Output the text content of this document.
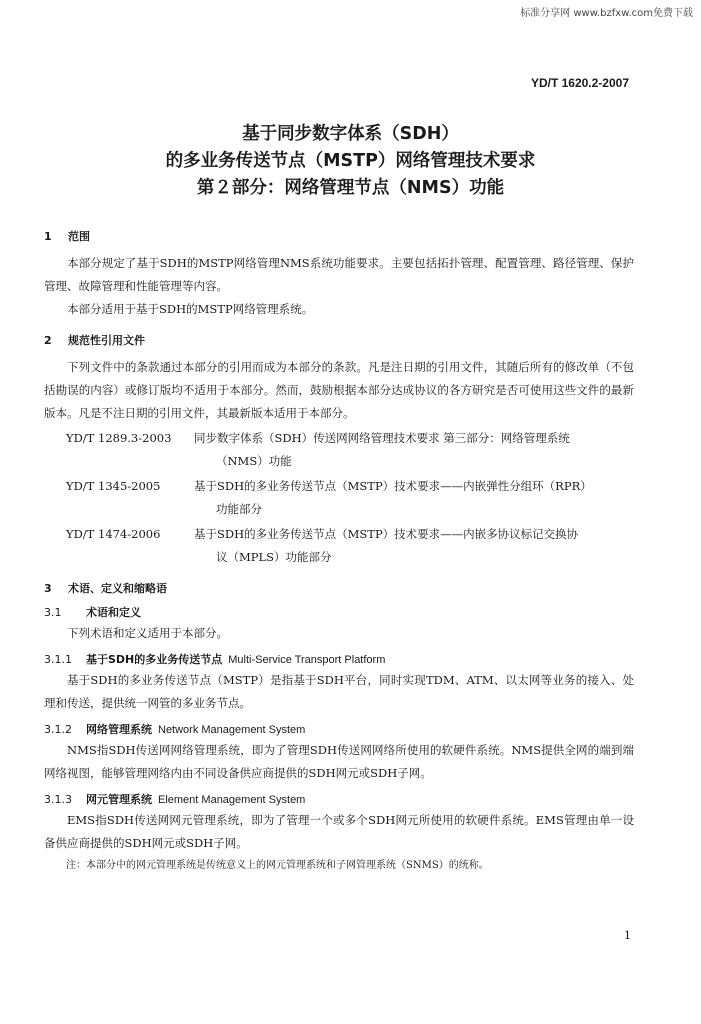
标准分享网 www.bzfxw.com免费下载
YD/T 1620.2-2007
基于同步数字体系（SDH）
的多业务传送节点（MSTP）网络管理技术要求
第２部分：网络管理节点（NMS）功能
1 范围

本部分规定了基于SDH的MSTP网络管理NMS系统功能要求。主要包括拓扑管理、配置管理、路径管理、保护管理、故障管理和性能管理等内容。

本部分适用于基于SDH的MSTP网络管理系统。

2 规范性引用文件

下列文件中的条款通过本部分的引用而成为本部分的条款。凡是注日期的引用文件，其随后所有的修改单（不包括勘误的内容）或修订版均不适用于本部分。然而，鼓励根据本部分达成协议的各方研究是否可使用这些文件的最新版本。凡是不注日期的引用文件，其最新版本适用于本部分。

YD/T 1289.3-2003	同步数字体系（SDH）传送网网络管理技术要求 第三部分：网络管理系统
（NMS）功能
YD/T 1345-2005	基于SDH的多业务传送节点（MSTP）技术要求——内嵌弹性分组环（RPR）
功能部分
YD/T 1474-2006	基于SDH的多业务传送节点（MSTP）技术要求——内嵌多协议标记交换协
议（MPLS）功能部分
3 术语、定义和缩略语
3.1 术语和定义

下列术语和定义适用于本部分。

3.1.1 基于SDH的多业务传送节点 Multi-Service Transport Platform

基于SDH的多业务传送节点（MSTP）是指基于SDH平台，同时实现TDM、ATM、以太网等业务的接入、处理和传送，提供统一网管的多业务节点。

3.1.2 网络管理系统 Network Management System

NMS指SDH传送网网络管理系统，即为了管理SDH传送网网络所使用的软硬件系统。NMS提供全网的端到端网络视图，能够管理网络内由不同设备供应商提供的SDH网元或SDH子网。

3.1.3 网元管理系统 Element Management System

EMS指SDH传送网网元管理系统，即为了管理一个或多个SDH网元所使用的软硬件系统。EMS管理由单一设备供应商提供的SDH网元或SDH子网。

注：本部分中的网元管理系统是传统意义上的网元管理系统和子网管理系统（SNMS）的统称。
1
